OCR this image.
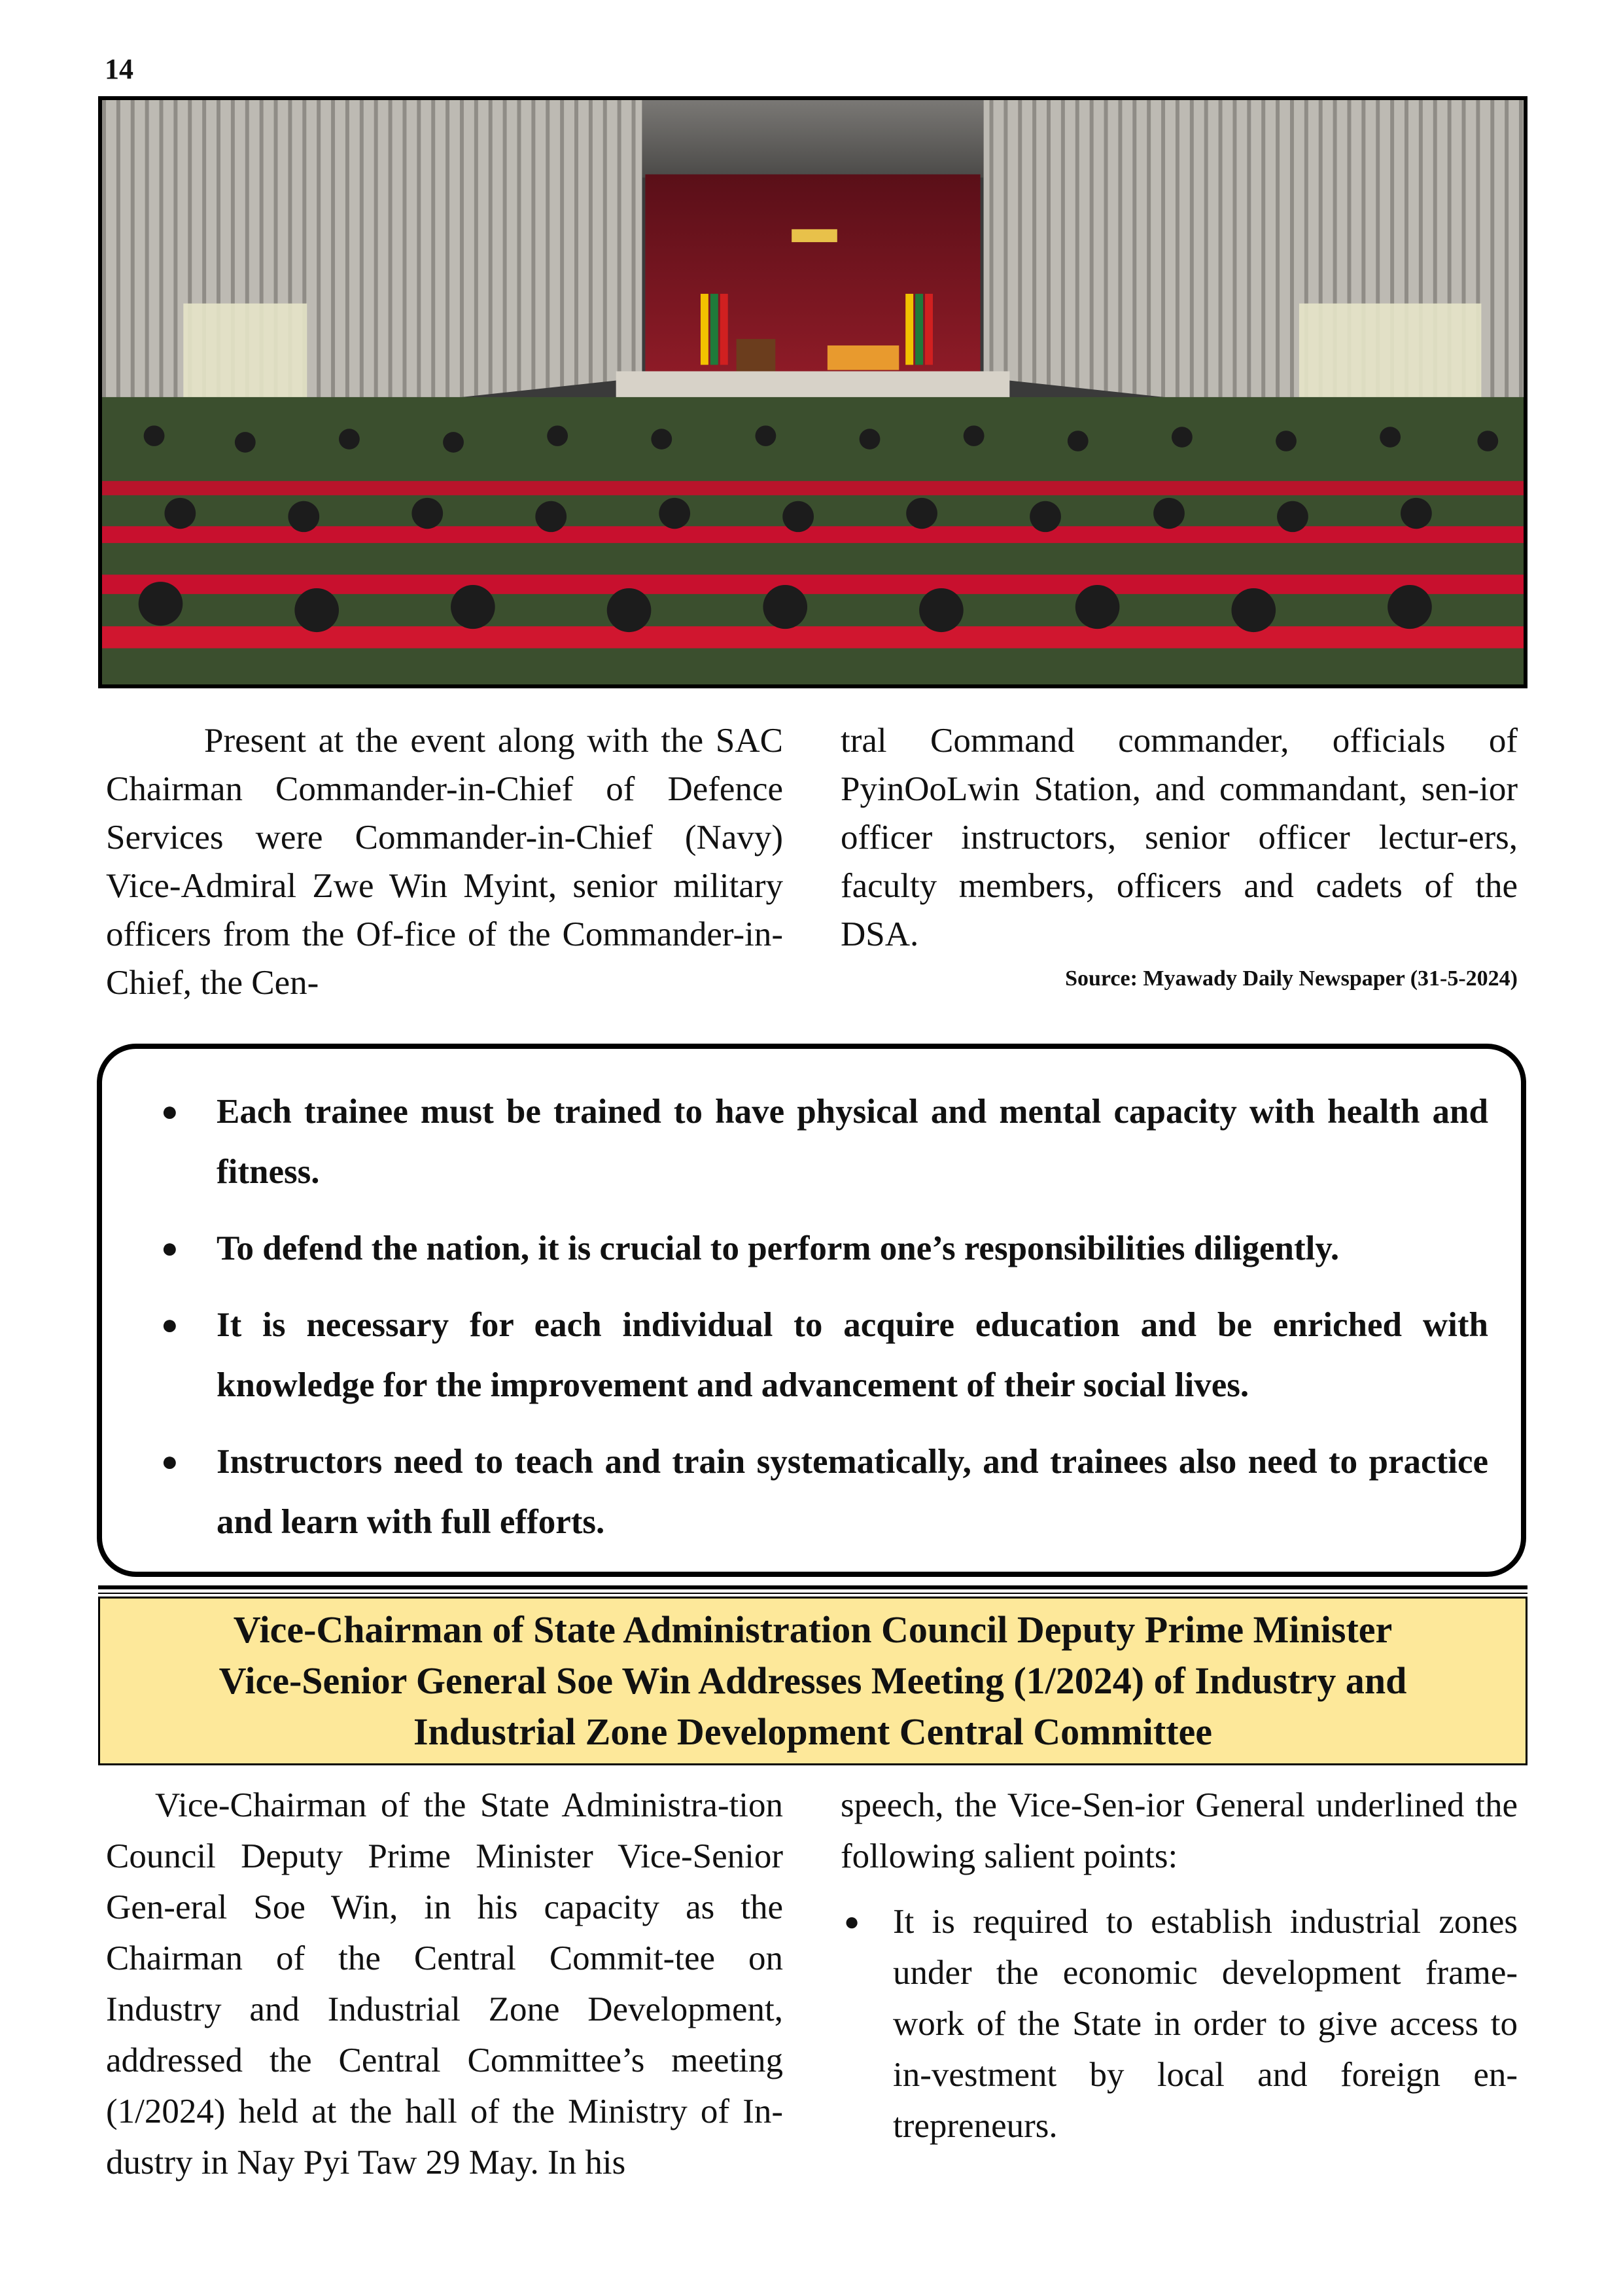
14

Present at the event along with the SAC Chairman Commander-in-Chief of Defence Services were Commander-in-Chief (Navy) Vice-Admiral Zwe Win Myint, senior military officers from the Of-fice of the Commander-in-Chief, the Cen-

tral Command commander, officials of PyinOoLwin Station, and commandant, sen-ior officer instructors, senior officer lectur-ers, faculty members, officers and cadets of the DSA.

Source: Myawady Daily Newspaper (31-5-2024)
● Each trainee must be trained to have physical and mental capacity with health and fitness.
● To defend the nation, it is crucial to perform one’s responsibilities diligently.
● It is necessary for each individual to acquire education and be enriched with knowledge for the improvement and advancement of their social lives.
● Instructors need to teach and train systematically, and trainees also need to practice and learn with full efforts.
Vice-Chairman of State Administration Council Deputy Prime Minister
Vice-Senior General Soe Win Addresses Meeting (1/2024) of Industry and
Industrial Zone Development Central Committee

Vice-Chairman of the State Administra-tion Council Deputy Prime Minister Vice-Senior Gen-eral Soe Win, in his capacity as the Chairman of the Central Commit-tee on Industry and Industrial Zone Development, addressed the Central Committee’s meeting (1/2024) held at the hall of the Ministry of In-dustry in Nay Pyi Taw 29 May. In his

speech, the Vice-Sen-ior General underlined the following salient points:

● It is required to establish industrial zones under the economic development frame-work of the State in order to give access to in-vestment by local and foreign en-trepreneurs.
